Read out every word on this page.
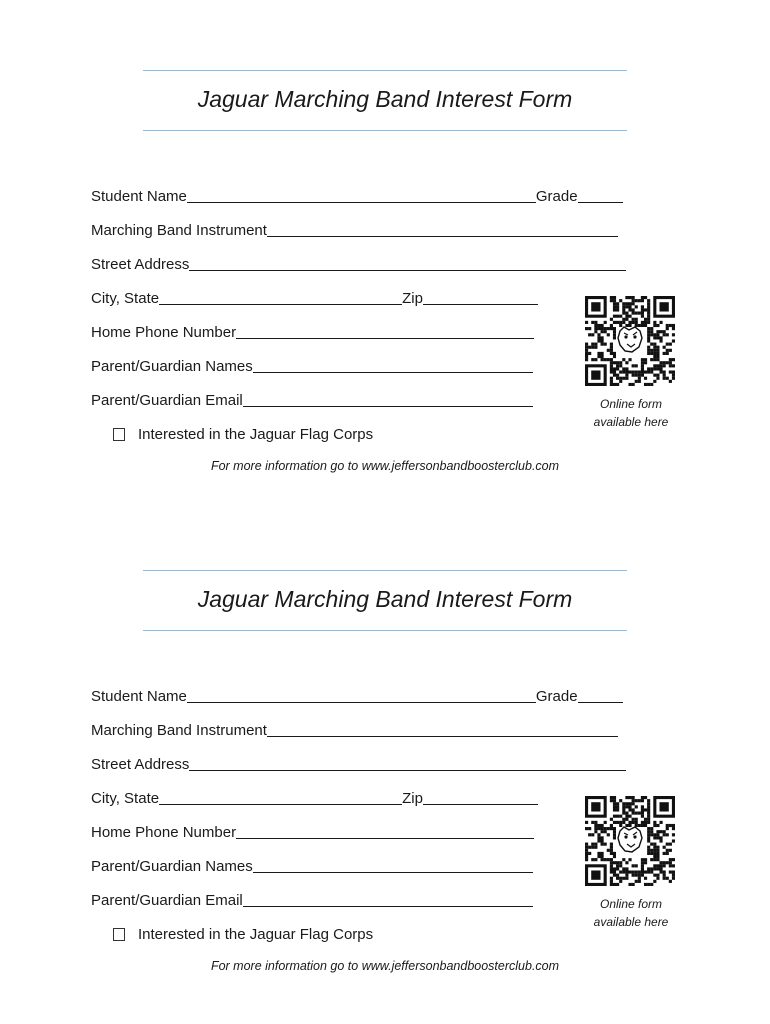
Jaguar Marching Band Interest Form
Student Name	Grade
Marching Band Instrument
Street Address
City, State	Zip
Home Phone Number
Parent/Guardian Names
Parent/Guardian Email
Interested in the Jaguar Flag Corps
For more information go to www.jeffersonbandboosterclub.com
Online form
available here
Jaguar Marching Band Interest Form
Student Name	Grade
Marching Band Instrument
Street Address
City, State	Zip
Home Phone Number
Parent/Guardian Names
Parent/Guardian Email
Interested in the Jaguar Flag Corps
For more information go to www.jeffersonbandboosterclub.com
Online form
available here
